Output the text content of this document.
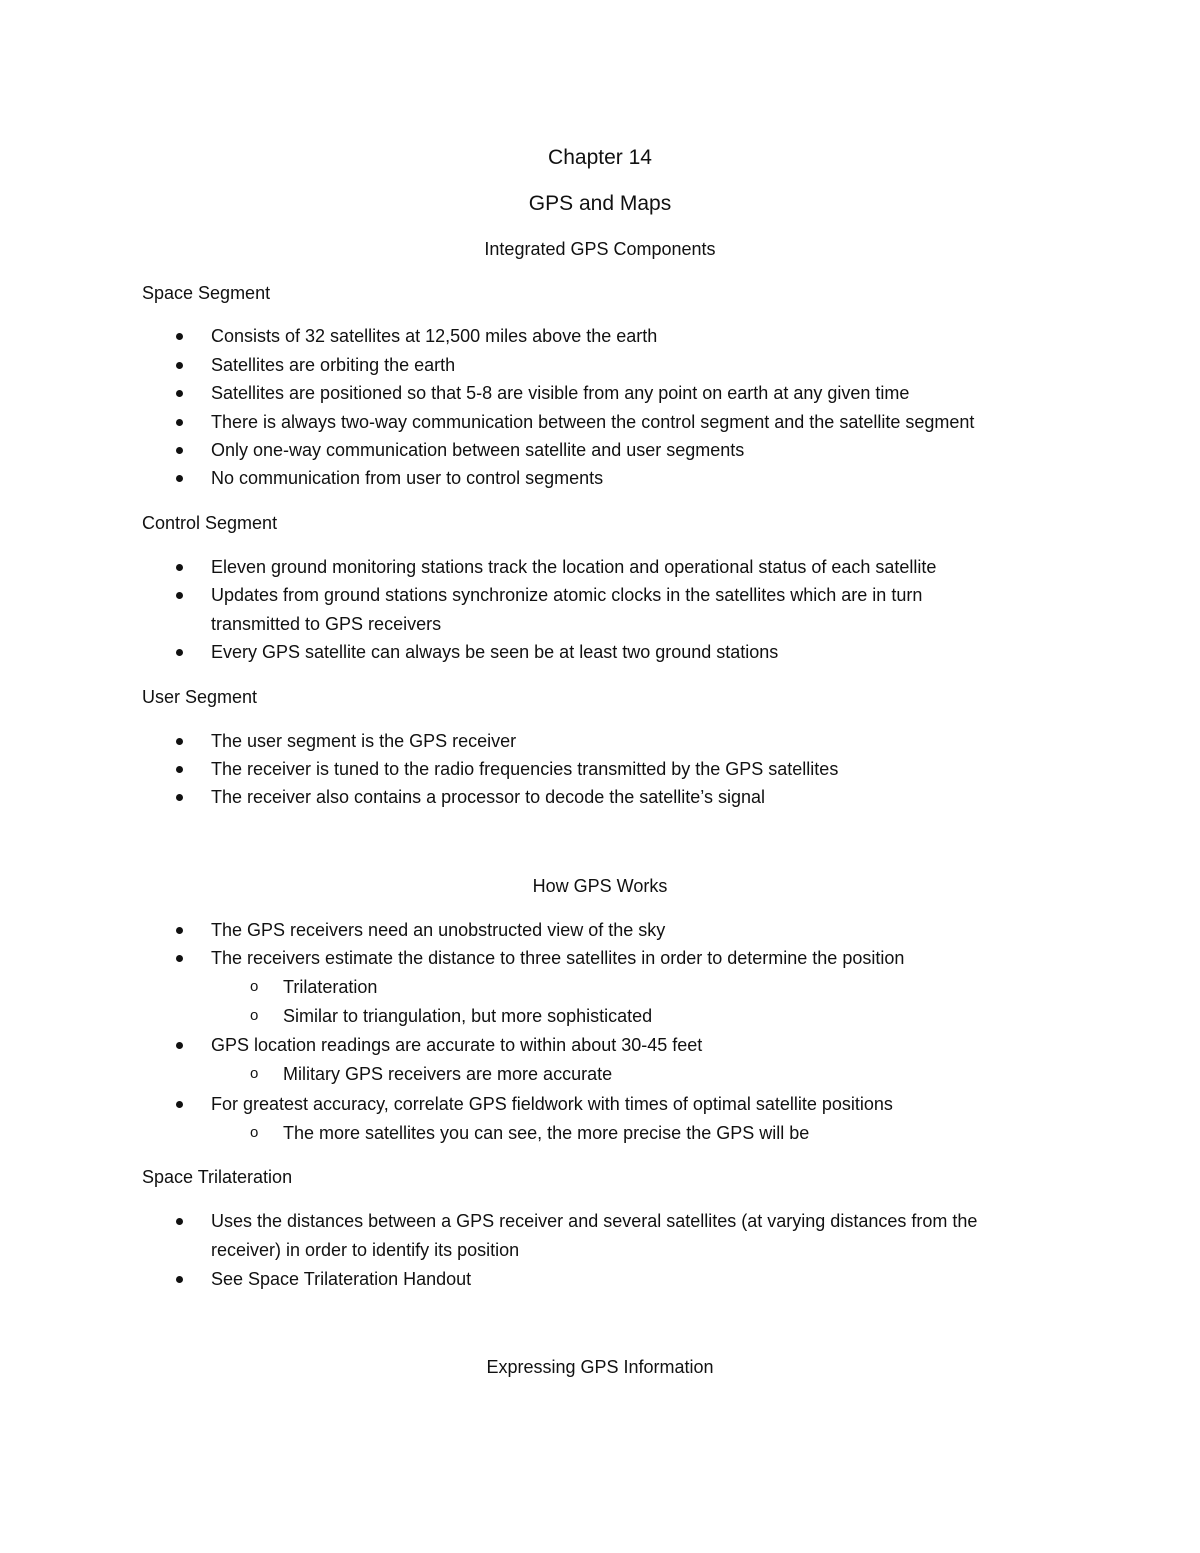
Chapter 14
GPS and Maps
Integrated GPS Components
Space Segment
Consists of 32 satellites at 12,500 miles above the earth
Satellites are orbiting the earth
Satellites are positioned so that 5-8 are visible from any point on earth at any given time
There is always two-way communication between the control segment and the satellite segment
Only one-way communication between satellite and user segments
No communication from user to control segments
Control Segment
Eleven ground monitoring stations track the location and operational status of each satellite
Updates from ground stations synchronize atomic clocks in the satellites which are in turn
transmitted to GPS receivers
Every GPS satellite can always be seen be at least two ground stations
User Segment
The user segment is the GPS receiver
The receiver is tuned to the radio frequencies transmitted by the GPS satellites
The receiver also contains a processor to decode the satellite’s signal
How GPS Works
The GPS receivers need an unobstructed view of the sky
The receivers estimate the distance to three satellites in order to determine the position
o Trilateration
o Similar to triangulation, but more sophisticated
GPS location readings are accurate to within about 30-45 feet
o Military GPS receivers are more accurate
For greatest accuracy, correlate GPS fieldwork with times of optimal satellite positions
o The more satellites you can see, the more precise the GPS will be
Space Trilateration
Uses the distances between a GPS receiver and several satellites (at varying distances from the
receiver) in order to identify its position
See Space Trilateration Handout
Expressing GPS Information
